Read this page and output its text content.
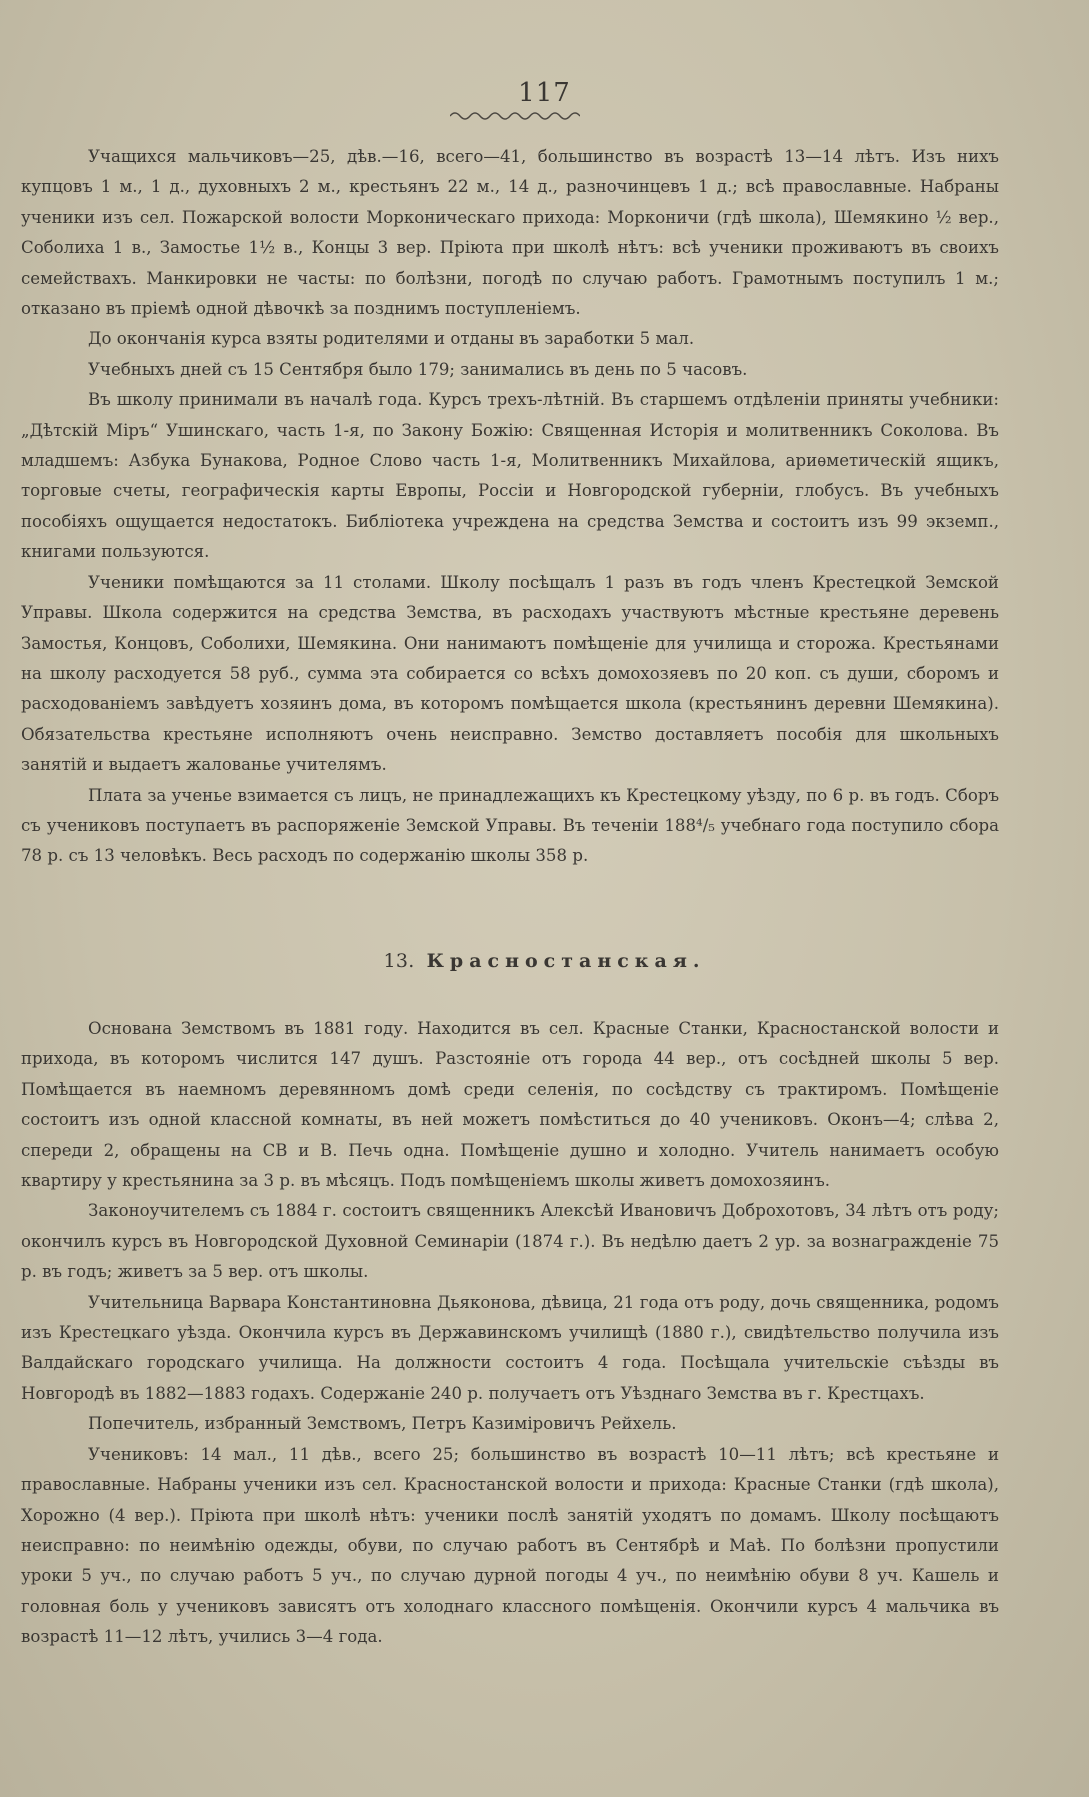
117

Учащихся мальчиковъ—25, дѣв.—16, всего—41, большинство въ возрастѣ 13—14 лѣтъ. Изъ нихъ купцовъ 1 м., 1 д., духовныхъ 2 м., крестьянъ 22 м., 14 д., разночинцевъ 1 д.; всѣ православные. Набраны ученики изъ сел. Пожарской волости Морконическаго прихода: Морконичи (гдѣ школа), Шемякино ½ вер., Соболиха 1 в., Замостье 1½ в., Концы 3 вер. Пріюта при школѣ нѣтъ: всѣ ученики проживаютъ въ своихъ семействахъ. Манкировки не часты: по болѣзни, погодѣ по случаю работъ. Грамотнымъ поступилъ 1 м.; отказано въ пріемѣ одной дѣвочкѣ за позднимъ поступленіемъ.

До окончанія курса взяты родителями и отданы въ заработки 5 мал.

Учебныхъ дней съ 15 Сентября было 179; занимались въ день по 5 часовъ.

Въ школу принимали въ началѣ года. Курсъ трехъ-лѣтній. Въ старшемъ отдѣленіи приняты учебники: „Дѣтскій Міръ“ Ушинскаго, часть 1-я, по Закону Божію: Священная Исторія и молитвенникъ Соколова. Въ младшемъ: Азбука Бунакова, Родное Слово часть 1-я, Молитвенникъ Михайлова, ариѳметическій ящикъ, торговые счеты, географическія карты Европы, Россіи и Новгородской губерніи, глобусъ. Въ учебныхъ пособіяхъ ощущается недостатокъ. Библіотека учреждена на средства Земства и состоитъ изъ 99 экземп., книгами пользуются.

Ученики помѣщаются за 11 столами. Школу посѣщалъ 1 разъ въ годъ членъ Крестецкой Земской Управы. Школа содержится на средства Земства, въ расходахъ участвуютъ мѣстные крестьяне деревень Замостья, Концовъ, Соболихи, Шемякина. Они нанимаютъ помѣщеніе для училища и сторожа. Крестьянами на школу расходуется 58 руб., сумма эта собирается со всѣхъ домохозяевъ по 20 коп. съ души, сборомъ и расходованіемъ завѣдуетъ хозяинъ дома, въ которомъ помѣщается школа (крестьянинъ деревни Шемякина). Обязательства крестьяне исполняютъ очень неисправно. Земство доставляетъ пособія для школьныхъ занятій и выдаетъ жалованье учителямъ.

Плата за ученье взимается съ лицъ, не принадлежащихъ къ Крестецкому уѣзду, по 6 р. въ годъ. Сборъ съ учениковъ поступаетъ въ распоряженіе Земской Управы. Въ теченіи 188⁴/₅ учебнаго года поступило сбора 78 р. съ 13 человѣкъ. Весь расходъ по содержанію школы 358 р.

13. Красностанская.

Основана Земствомъ въ 1881 году. Находится въ сел. Красные Станки, Красностанской волости и прихода, въ которомъ числится 147 душъ. Разстояніе отъ города 44 вер., отъ сосѣдней школы 5 вер. Помѣщается въ наемномъ деревянномъ домѣ среди селенія, по сосѣдству съ трактиромъ. Помѣщеніе состоитъ изъ одной классной комнаты, въ ней можетъ помѣститься до 40 учениковъ. Оконъ—4; слѣва 2, спереди 2, обращены на СВ и В. Печь одна. Помѣщеніе душно и холодно. Учитель нанимаетъ особую квартиру у крестьянина за 3 р. въ мѣсяцъ. Подъ помѣщеніемъ школы живетъ домохозяинъ.

Законоучителемъ съ 1884 г. состоитъ священникъ Алексѣй Ивановичъ Доброхотовъ, 34 лѣтъ отъ роду; окончилъ курсъ въ Новгородской Духовной Семинаріи (1874 г.). Въ недѣлю даетъ 2 ур. за вознагражденіе 75 р. въ годъ; живетъ за 5 вер. отъ школы.

Учительница Варвара Константиновна Дьяконова, дѣвица, 21 года отъ роду, дочь священника, родомъ изъ Крестецкаго уѣзда. Окончила курсъ въ Державинскомъ училищѣ (1880 г.), свидѣтельство получила изъ Валдайскаго городскаго училища. На должности состоитъ 4 года. Посѣщала учительскіе съѣзды въ Новгородѣ въ 1882—1883 годахъ. Содержаніе 240 р. получаетъ отъ Уѣзднаго Земства въ г. Крестцахъ.

Попечитель, избранный Земствомъ, Петръ Казиміровичъ Рейхель.

Учениковъ: 14 мал., 11 дѣв., всего 25; большинство въ возрастѣ 10—11 лѣтъ; всѣ крестьяне и православные. Набраны ученики изъ сел. Красностанской волости и прихода: Красные Станки (гдѣ школа), Хорожно (4 вер.). Пріюта при школѣ нѣтъ: ученики послѣ занятій уходятъ по домамъ. Школу посѣщаютъ неисправно: по неимѣнію одежды, обуви, по случаю работъ въ Сентябрѣ и Маѣ. По болѣзни пропустили уроки 5 уч., по случаю работъ 5 уч., по случаю дурной погоды 4 уч., по неимѣнію обуви 8 уч. Кашель и головная боль у учениковъ зависятъ отъ холоднаго классного помѣщенія. Окончили курсъ 4 мальчика въ возрастѣ 11—12 лѣтъ, учились 3—4 года.
